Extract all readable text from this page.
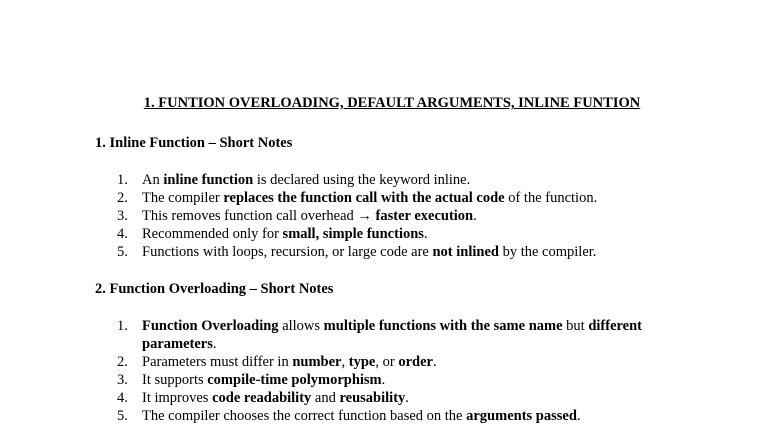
1. FUNTION OVERLOADING, DEFAULT ARGUMENTS, INLINE FUNTION
1. Inline Function – Short Notes
1. An inline function is declared using the keyword inline.
2. The compiler replaces the function call with the actual code of the function.
3. This removes function call overhead → faster execution.
4. Recommended only for small, simple functions.
5. Functions with loops, recursion, or large code are not inlined by the compiler.
2. Function Overloading – Short Notes
1. Function Overloading allows multiple functions with the same name but different parameters.
2. Parameters must differ in number, type, or order.
3. It supports compile-time polymorphism.
4. It improves code readability and reusability.
5. The compiler chooses the correct function based on the arguments passed.
